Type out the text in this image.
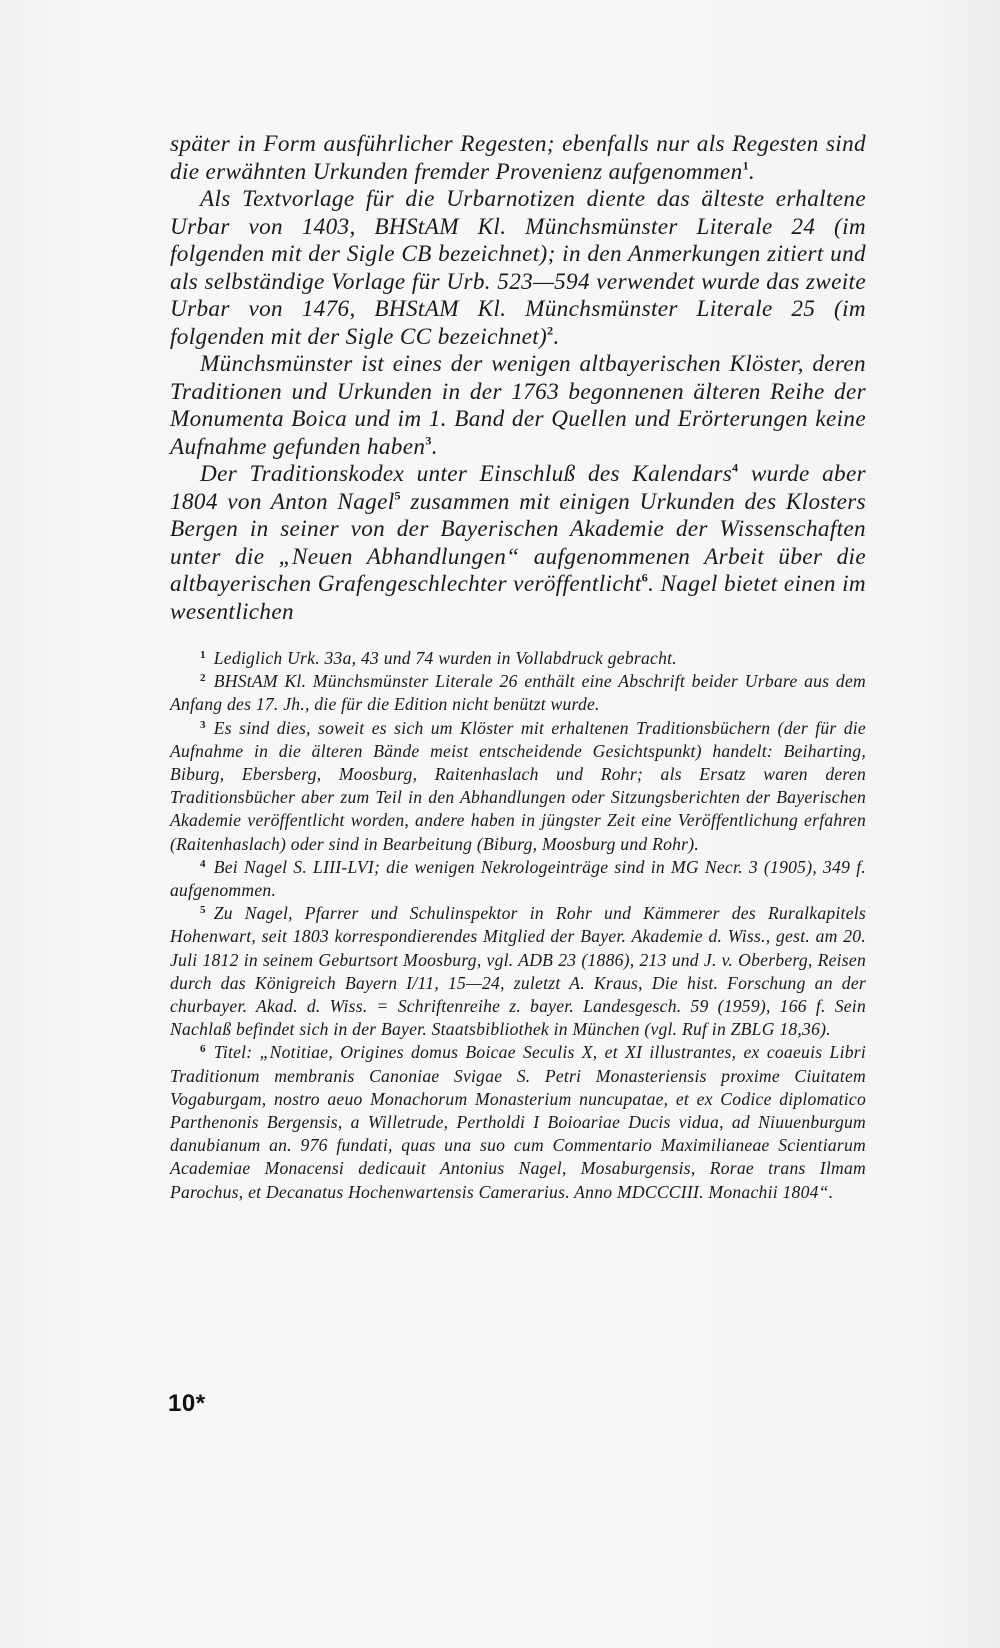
später in Form ausführlicher Regesten; ebenfalls nur als Regesten sind die erwähnten Urkunden fremder Provenienz aufgenommen$^1$.

Als Textvorlage für die Urbarnotizen diente das älteste erhaltene Urbar von 1403, BHStAM Kl. Münchsmünster Literale 24 (im folgenden mit der Sigle CB bezeichnet); in den Anmerkungen zitiert und als selbständige Vorlage für Urb. 523—594 verwendet wurde das zweite Urbar von 1476, BHStAM Kl. Münchsmünster Literale 25 (im folgenden mit der Sigle CC bezeichnet)$^2$.

Münchsmünster ist eines der wenigen altbayerischen Klöster, deren Traditionen und Urkunden in der 1763 begonnenen älteren Reihe der Monumenta Boica und im 1. Band der Quellen und Erörterungen keine Aufnahme gefunden haben$^3$.

Der Traditionskodex unter Einschluß des Kalendars$^4$ wurde aber 1804 von Anton Nagel$^5$ zusammen mit einigen Urkunden des Klosters Bergen in seiner von der Bayerischen Akademie der Wissenschaften unter die „Neuen Abhandlungen“ aufgenommenen Arbeit über die altbayerischen Grafengeschlechter veröffentlicht$^6$. Nagel bietet einen im wesentlichen

$^1$ Lediglich Urk. 33a, 43 und 74 wurden in Vollabdruck gebracht.

$^2$ BHStAM Kl. Münchsmünster Literale 26 enthält eine Abschrift beider Urbare aus dem Anfang des 17. Jh., die für die Edition nicht benützt wurde.

$^3$ Es sind dies, soweit es sich um Klöster mit erhaltenen Traditionsbüchern (der für die Aufnahme in die älteren Bände meist entscheidende Gesichtspunkt) handelt: Beiharting, Biburg, Ebersberg, Moosburg, Raitenhaslach und Rohr; als Ersatz waren deren Traditionsbücher aber zum Teil in den Abhandlungen oder Sitzungsberichten der Bayerischen Akademie veröffentlicht worden, andere haben in jüngster Zeit eine Veröffentlichung erfahren (Raitenhaslach) oder sind in Bearbeitung (Biburg, Moosburg und Rohr).

$^4$ Bei Nagel S. LIII-LVI; die wenigen Nekrologeinträge sind in MG Necr. 3 (1905), 349 f. aufgenommen.

$^5$ Zu Nagel, Pfarrer und Schulinspektor in Rohr und Kämmerer des Ruralkapitels Hohenwart, seit 1803 korrespondierendes Mitglied der Bayer. Akademie d. Wiss., gest. am 20. Juli 1812 in seinem Geburtsort Moosburg, vgl. ADB 23 (1886), 213 und J. v. Oberberg, Reisen durch das Königreich Bayern I/11, 15—24, zuletzt A. Kraus, Die hist. Forschung an der churbayer. Akad. d. Wiss. = Schriftenreihe z. bayer. Landesgesch. 59 (1959), 166 f. Sein Nachlaß befindet sich in der Bayer. Staatsbibliothek in München (vgl. Ruf in ZBLG 18,36).

$^6$ Titel: „Notitiae, Origines domus Boicae Seculis X, et XI illustrantes, ex coaeuis Libri Traditionum membranis Canoniae Svigae S. Petri Monasteriensis proxime Ciuitatem Vogaburgam, nostro aeuo Monachorum Monasterium nuncupatae, et ex Codice diplomatico Parthenonis Bergensis, a Willetrude, Pertholdi I Boioariae Ducis vidua, ad Niuuenburgum danubianum an. 976 fundati, quas una suo cum Commentario Maximilianeae Scientiarum Academiae Monacensi dedicauit Antonius Nagel, Mosaburgensis, Rorae trans Ilmam Parochus, et Decanatus Hochenwartensis Camerarius. Anno MDCCCIII. Monachii 1804“.

10*
